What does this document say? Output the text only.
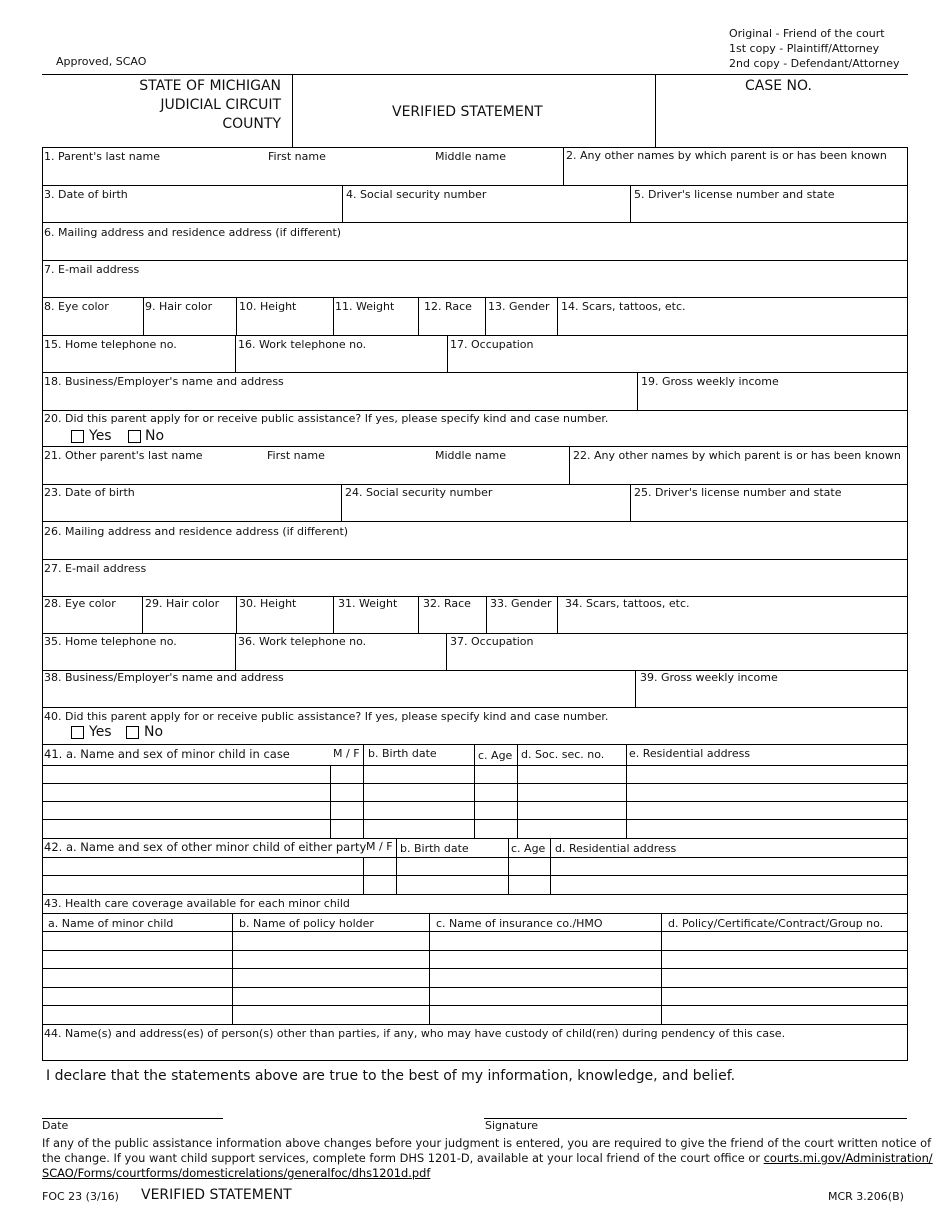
Approved, SCAO
Original - Friend of the court
1st copy - Plaintiff/Attorney
2nd copy - Defendant/Attorney
STATE OF MICHIGAN
JUDICIAL CIRCUIT
COUNTY
VERIFIED STATEMENT
CASE NO.
1. Parent's last name	First name	Middle name	2. Any other names by which parent is or has been known
3. Date of birth	4. Social security number	5. Driver's license number and state
6. Mailing address and residence address (if different)
7. E-mail address
8. Eye color	9. Hair color 10. Height	11. Weight	12. Race 13. Gender 14. Scars, tattoos, etc.
15. Home telephone no.	16. Work telephone no.	17. Occupation
18. Business/Employer's name and address	19. Gross weekly income
20. Did this parent apply for or receive public assistance? If yes, please specify kind and case number.
Yes No
21. Other parent's last name	First name	Middle name	22. Any other names by which parent is or has been known
23. Date of birth	24. Social security number	25. Driver's license number and state
26. Mailing address and residence address (if different)
27. E-mail address
28. Eye color	29. Hair color 30. Height	31. Weight 32. Race 33. Gender 34. Scars, tattoos, etc.
35. Home telephone no.	36. Work telephone no.	37. Occupation
38. Business/Employer's name and address	39. Gross weekly income
40. Did this parent apply for or receive public assistance? If yes, please specify kind and case number.
Yes No
41. a. Name and sex of minor child in case	M / F b. Birth date	c. Age d. Soc. sec. no. e. Residential address
42. a. Name and sex of other minor child of either party M / F b. Birth date	c. Age d. Residential address
43. Health care coverage available for each minor child
a. Name of minor child	b. Name of policy holder	c. Name of insurance co./HMO	d. Policy/Certificate/Contract/Group no.
44. Name(s) and address(es) of person(s) other than parties, if any, who may have custody of child(ren) during pendency of this case.
I declare that the statements above are true to the best of my information, knowledge, and belief.
Date	Signature
If any of the public assistance information above changes before your judgment is entered, you are required to give the friend of the court written notice of
the change. If you want child support services, complete form DHS 1201-D, available at your local friend of the court office or courts.mi.gov/Administration/
SCAO/Forms/courtforms/domesticrelations/generalfoc/dhs1201d.pdf
FOC 23 (3/16) VERIFIED STATEMENT	MCR 3.206(B)
